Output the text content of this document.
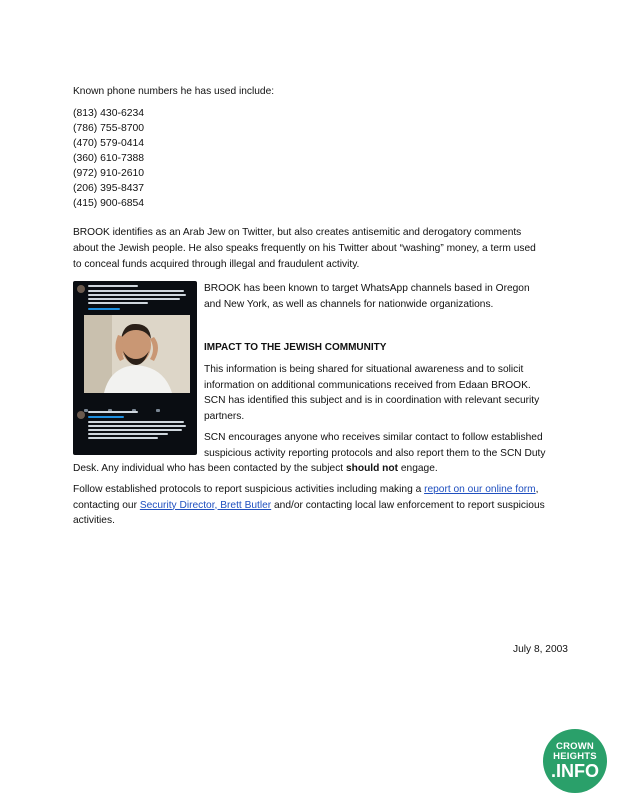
Known phone numbers he has used include:
(813) 430-6234
(786) 755-8700
(470) 579-0414
(360) 610-7388
(972) 910-2610
(206) 395-8437
(415) 900-6854
BROOK identifies as an Arab Jew on Twitter, but also creates antisemitic and derogatory comments about the Jewish people. He also speaks frequently on his Twitter about “washing” money, a term used to conceal funds acquired through illegal and fraudulent activity.
BROOK has been known to target WhatsApp channels based in Oregon and New York, as well as channels for nationwide organizations.
IMPACT TO THE JEWISH COMMUNITY
This information is being shared for situational awareness and to solicit information on additional communications received from Edaan BROOK. SCN has identified this subject and is in coordination with relevant security partners.
SCN encourages anyone who receives similar contact to follow established suspicious activity reporting protocols and also report them to the SCN Duty
Desk. Any individual who has been contacted by the subject should not engage.
Follow established protocols to report suspicious activities including making a report on our online form, contacting our Security Director, Brett Butler and/or contacting local law enforcement to report suspicious activities.
July 8, 2003
CROWN
HEIGHTS
.INFO
